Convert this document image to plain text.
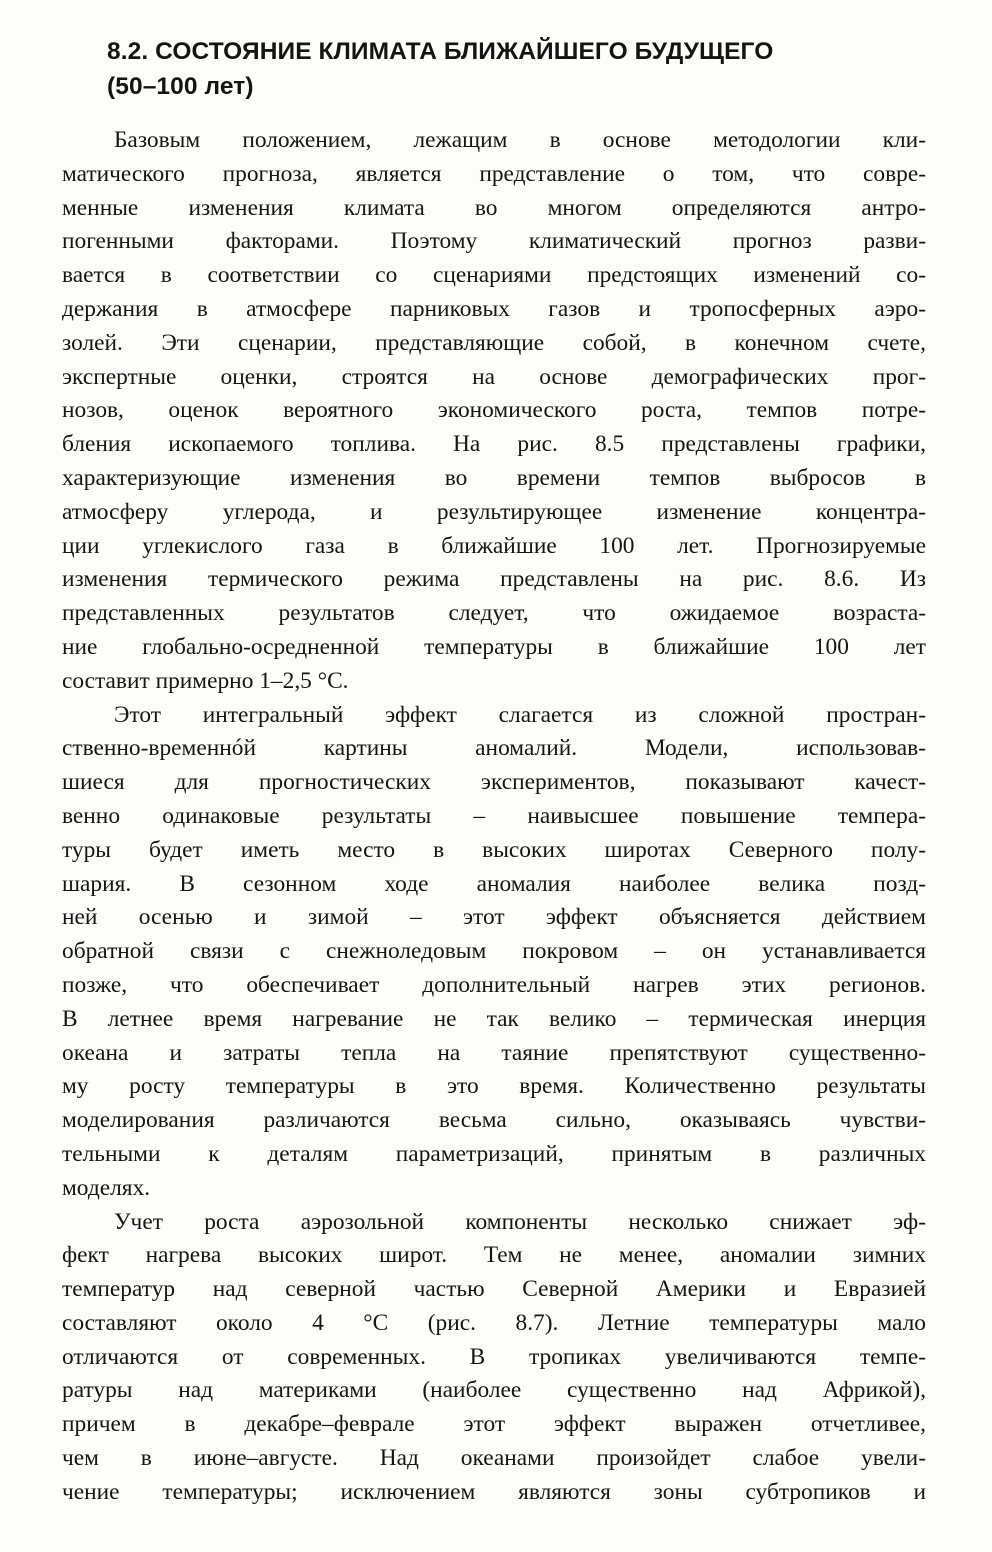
8.2. СОСТОЯНИЕ КЛИМАТА БЛИЖАЙШЕГО БУДУЩЕГО
(50–100 лет)
Базовым положением, лежащим в основе методологии кли-
матического прогноза, является представление о том, что совре-
менные изменения климата во многом определяются антро-
погенными факторами. Поэтому климатический прогноз разви-
вается в соответствии со сценариями предстоящих изменений со-
держания в атмосфере парниковых газов и тропосферных аэро-
золей. Эти сценарии, представляющие собой, в конечном счете,
экспертные оценки, строятся на основе демографических прог-
нозов, оценок вероятного экономического роста, темпов потре-
бления ископаемого топлива. На рис. 8.5 представлены графики,
характеризующие изменения во времени темпов выбросов в
атмосферу углерода, и результирующее изменение концентра-
ции углекислого газа в ближайшие 100 лет. Прогнозируемые
изменения термического режима представлены на рис. 8.6. Из
представленных результатов следует, что ожидаемое возраста-
ние глобально-осредненной температуры в ближайшие 100 лет
составит примерно 1–2,5 °С.
Этот интегральный эффект слагается из сложной простран-
ственно-временнóй картины аномалий. Модели, использовав-
шиеся для прогностических экспериментов, показывают качест-
венно одинаковые результаты – наивысшее повышение темпера-
туры будет иметь место в высоких широтах Северного полу-
шария. В сезонном ходе аномалия наиболее велика позд-
ней осенью и зимой – этот эффект объясняется действием
обратной связи с снежноледовым покровом – он устанавливается
позже, что обеспечивает дополнительный нагрев этих регионов.
В летнее время нагревание не так велико – термическая инерция
океана и затраты тепла на таяние препятствуют существенно-
му росту температуры в это время. Количественно результаты
моделирования различаются весьма сильно, оказываясь чувстви-
тельными к деталям параметризаций, принятым в различных
моделях.
Учет роста аэрозольной компоненты несколько снижает эф-
фект нагрева высоких широт. Тем не менее, аномалии зимних
температур над северной частью Северной Америки и Евразией
составляют около 4 °С (рис. 8.7). Летние температуры мало
отличаются от современных. В тропиках увеличиваются темпе-
ратуры над материками (наиболее существенно над Африкой),
причем в декабре–феврале этот эффект выражен отчетливее,
чем в июне–августе. Над океанами произойдет слабое увели-
чение температуры; исключением являются зоны субтропиков и
